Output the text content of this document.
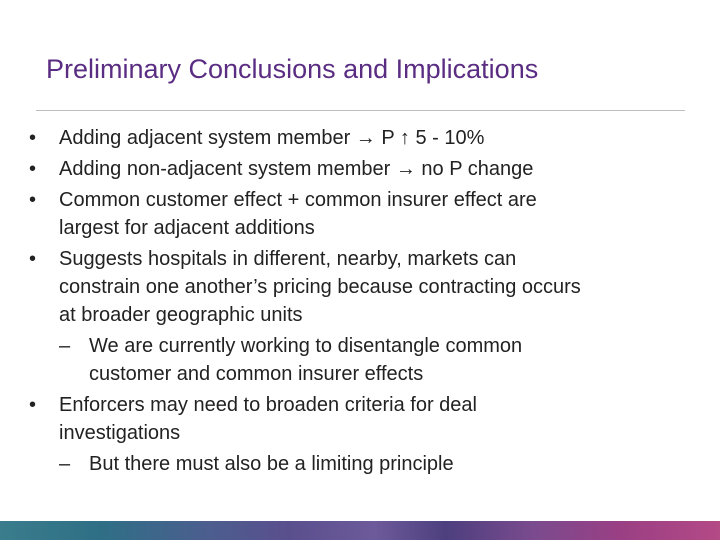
Preliminary Conclusions and Implications
• Adding adjacent system member → P ↑ 5 - 10%
• Adding non-adjacent system member → no P change
• Common customer effect + common insurer effect are
largest for adjacent additions
• Suggests hospitals in different, nearby, markets can
constrain one another’s pricing because contracting occurs
at broader geographic units
– We are currently working to disentangle common
customer and common insurer effects
• Enforcers may need to broaden criteria for deal
investigations
– But there must also be a limiting principle
